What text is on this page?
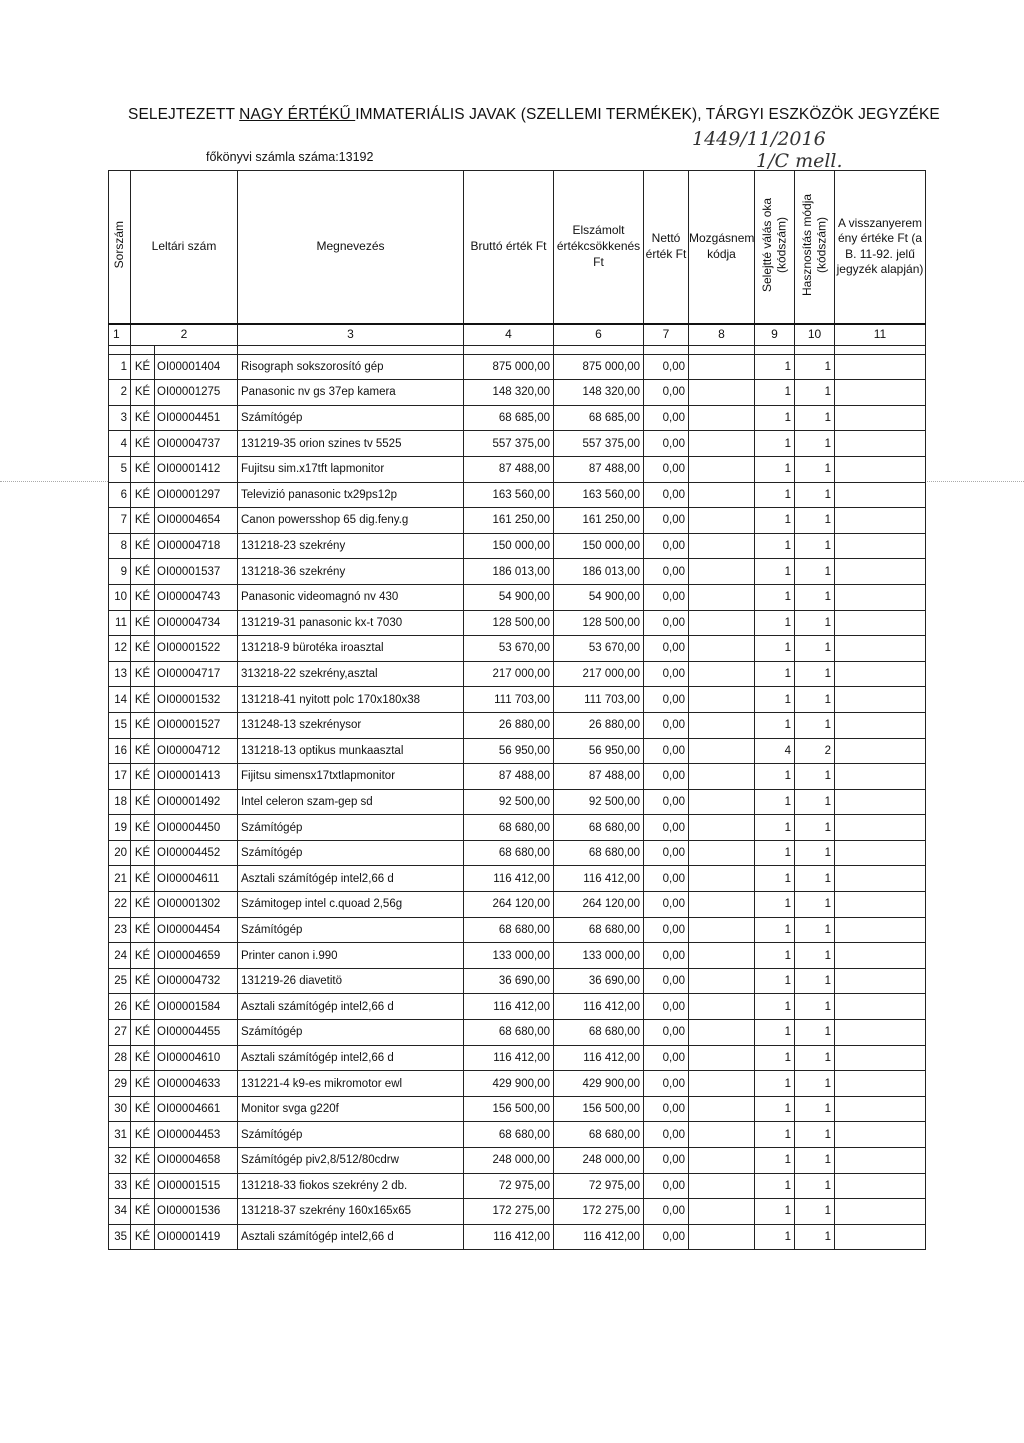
SELEJTEZETT NAGY ÉRTÉKŰ IMMATERIÁLIS JAVAK (SZELLEMI TERMÉKEK), TÁRGYI ESZKÖZÖK JEGYZÉKE
1449/11/2016
1/C mell.
főkönyvi számla száma:13192
Sorszám	Leltári szám		Megnevezés	Bruttó érték Ft	Elszámolt értékcsökkenés Ft	Nettó érték Ft	Mozgásnem kódja	Selejtté válás oka (kódszám)	Hasznosítás módja (kódszám)	A visszanyerem ény értéke Ft (a B. 11-92. jelű jegyzék alapján)
1	2		3	4	6	7	8	9	10	11

1	KÉ	OI00001404	Risograph sokszorosító gép	875 000,00	875 000,00	0,00		1	1	
2	KÉ	OI00001275	Panasonic nv gs 37ep kamera	148 320,00	148 320,00	0,00		1	1	
3	KÉ	OI00004451	Számítógép	68 685,00	68 685,00	0,00		1	1	
4	KÉ	OI00004737	131219-35 orion szines tv 5525	557 375,00	557 375,00	0,00		1	1	
5	KÉ	OI00001412	Fujitsu sim.x17tft lapmonitor	87 488,00	87 488,00	0,00		1	1	
6	KÉ	OI00001297	Televizió panasonic tx29ps12p	163 560,00	163 560,00	0,00		1	1	
7	KÉ	OI00004654	Canon powersshop 65 dig.feny.g	161 250,00	161 250,00	0,00		1	1	
8	KÉ	OI00004718	131218-23 szekrény	150 000,00	150 000,00	0,00		1	1	
9	KÉ	OI00001537	131218-36 szekrény	186 013,00	186 013,00	0,00		1	1	
10	KÉ	OI00004743	Panasonic videomagnó nv 430	54 900,00	54 900,00	0,00		1	1	
11	KÉ	OI00004734	131219-31 panasonic kx-t 7030	128 500,00	128 500,00	0,00		1	1	
12	KÉ	OI00001522	131218-9 bürotéka iroasztal	53 670,00	53 670,00	0,00		1	1	
13	KÉ	OI00004717	313218-22 szekrény,asztal	217 000,00	217 000,00	0,00		1	1	
14	KÉ	OI00001532	131218-41 nyitott polc 170x180x38	111 703,00	111 703,00	0,00		1	1	
15	KÉ	OI00001527	131248-13 szekrénysor	26 880,00	26 880,00	0,00		1	1	
16	KÉ	OI00004712	131218-13 optikus munkaasztal	56 950,00	56 950,00	0,00		4	2	
17	KÉ	OI00001413	Fijitsu simensx17txtlapmonitor	87 488,00	87 488,00	0,00		1	1	
18	KÉ	OI00001492	Intel celeron szam-gep sd	92 500,00	92 500,00	0,00		1	1	
19	KÉ	OI00004450	Számítógép	68 680,00	68 680,00	0,00		1	1	
20	KÉ	OI00004452	Számítógép	68 680,00	68 680,00	0,00		1	1	
21	KÉ	OI00004611	Asztali számítógép intel2,66 d	116 412,00	116 412,00	0,00		1	1	
22	KÉ	OI00001302	Számitogep intel c.quoad 2,56g	264 120,00	264 120,00	0,00		1	1	
23	KÉ	OI00004454	Számítógép	68 680,00	68 680,00	0,00		1	1	
24	KÉ	OI00004659	Printer canon i.990	133 000,00	133 000,00	0,00		1	1	
25	KÉ	OI00004732	131219-26 diavetitö	36 690,00	36 690,00	0,00		1	1	
26	KÉ	OI00001584	Asztali számítógép intel2,66 d	116 412,00	116 412,00	0,00		1	1	
27	KÉ	OI00004455	Számítógép	68 680,00	68 680,00	0,00		1	1	
28	KÉ	OI00004610	Asztali számítógép intel2,66 d	116 412,00	116 412,00	0,00		1	1	
29	KÉ	OI00004633	131221-4 k9-es mikromotor ewl	429 900,00	429 900,00	0,00		1	1	
30	KÉ	OI00004661	Monitor svga g220f	156 500,00	156 500,00	0,00		1	1	
31	KÉ	OI00004453	Számítógép	68 680,00	68 680,00	0,00		1	1	
32	KÉ	OI00004658	Számítógép piv2,8/512/80cdrw	248 000,00	248 000,00	0,00		1	1	
33	KÉ	OI00001515	131218-33 fiokos szekrény 2 db.	72 975,00	72 975,00	0,00		1	1	
34	KÉ	OI00001536	131218-37 szekrény 160x165x65	172 275,00	172 275,00	0,00		1	1	
35	KÉ	OI00001419	Asztali számítógép intel2,66 d	116 412,00	116 412,00	0,00		1	1	
